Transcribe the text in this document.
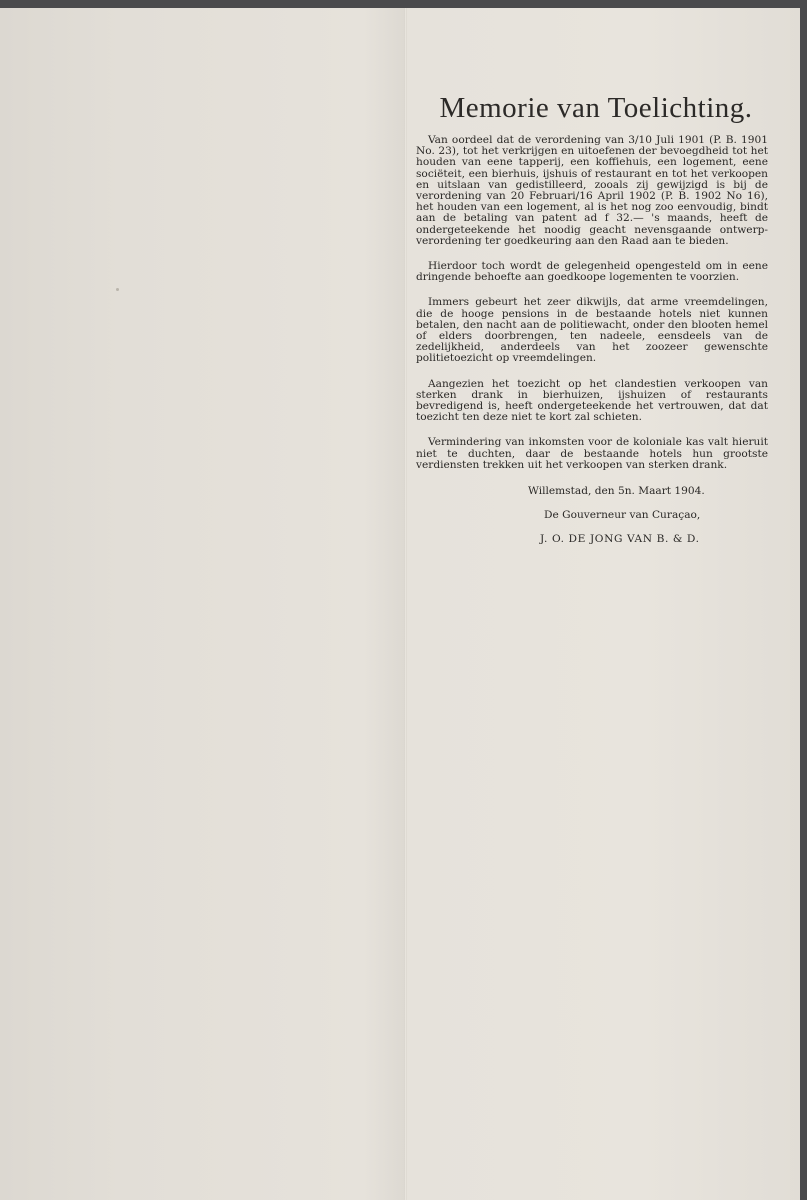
Memorie van Toelichting.

Van oordeel dat de verordening van 3/10 Juli 1901 (P. B. 1901 No. 23), tot het verkrijgen en uitoefenen der bevoegdheid tot het houden van eene tapperij, een koffiehuis, een logement, eene sociëteit, een bierhuis, ijshuis of restaurant en tot het verkoopen en uitslaan van gedistilleerd, zooals zij gewijzigd is bij de verordening van 20 Februari/16 April 1902 (P. B. 1902 No 16), het houden van een logement, al is het nog zoo eenvoudig, bindt aan de betaling van patent ad f 32.— 's maands, heeft de ondergeteekende het noodig geacht nevensgaande ontwerp-verordening ter goedkeuring aan den Raad aan te bieden.

Hierdoor toch wordt de gelegenheid opengesteld om in eene dringende behoefte aan goedkoope logementen te voorzien.

Immers gebeurt het zeer dikwijls, dat arme vreemdelingen, die de hooge pensions in de bestaande hotels niet kunnen betalen, den nacht aan de politiewacht, onder den blooten hemel of elders doorbrengen, ten nadeele, eensdeels van de zedelijkheid, anderdeels van het zoozeer gewenschte politietoezicht op vreemdelingen.

Aangezien het toezicht op het clandestien verkoopen van sterken drank in bierhuizen, ijshuizen of restaurants bevredigend is, heeft ondergeteekende het vertrouwen, dat dat toezicht ten deze niet te kort zal schieten.

Vermindering van inkomsten voor de koloniale kas valt hieruit niet te duchten, daar de bestaande hotels hun grootste verdiensten trekken uit het verkoopen van sterken drank.

Willemstad, den 5n. Maart 1904.

De Gouverneur van Curaçao,

J. O. DE JONG VAN B. & D.
